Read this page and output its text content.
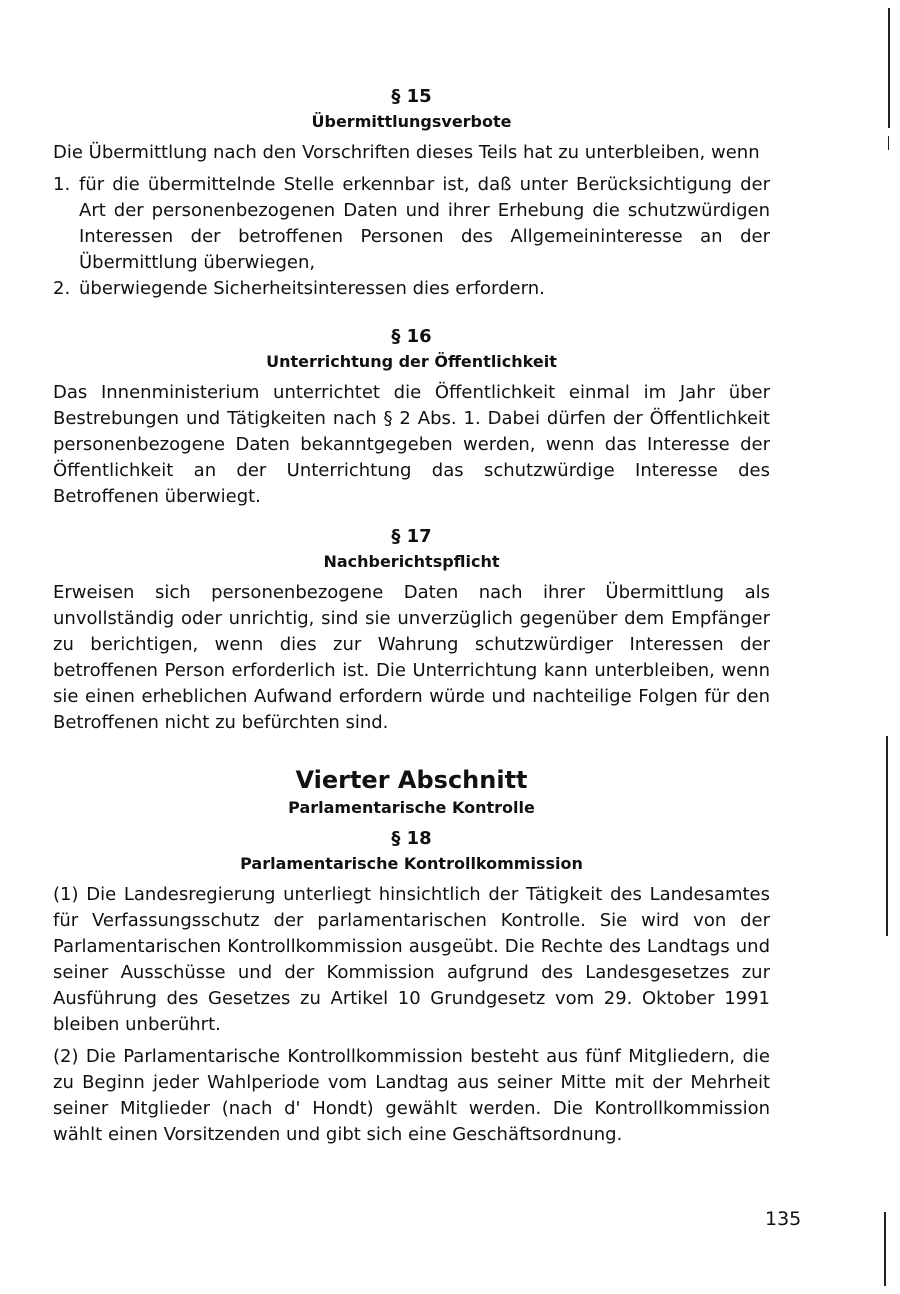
§ 15
Übermittlungsverbote

Die Übermittlung nach den Vorschriften dieses Teils hat zu unterbleiben, wenn

1. für die übermittelnde Stelle erkennbar ist, daß unter Berücksichtigung der Art der personenbezogenen Daten und ihrer Erhebung die schutzwürdigen Interessen der betroffenen Personen des Allgemeininteresse an der Übermittlung überwiegen,
2. überwiegende Sicherheitsinteressen dies erfordern.
§ 16
Unterrichtung der Öffentlichkeit

Das Innenministerium unterrichtet die Öffentlichkeit einmal im Jahr über Bestrebungen und Tätigkeiten nach § 2 Abs. 1. Dabei dürfen der Öffentlichkeit personenbezogene Daten bekanntgegeben werden, wenn das Interesse der Öffentlichkeit an der Unterrichtung das schutzwürdige Interesse des Betroffenen überwiegt.

§ 17
Nachberichtspflicht

Erweisen sich personenbezogene Daten nach ihrer Übermittlung als unvollständig oder unrichtig, sind sie unverzüglich gegenüber dem Empfänger zu berichtigen, wenn dies zur Wahrung schutzwürdiger Interessen der betroffenen Person erforderlich ist. Die Unterrichtung kann unterbleiben, wenn sie einen erheblichen Aufwand erfordern würde und nachteilige Folgen für den Betroffenen nicht zu befürchten sind.

Vierter Abschnitt
Parlamentarische Kontrolle
§ 18
Parlamentarische Kontrollkommission

(1) Die Landesregierung unterliegt hinsichtlich der Tätigkeit des Landesamtes für Verfassungsschutz der parlamentarischen Kontrolle. Sie wird von der Parlamentarischen Kontrollkommission ausgeübt. Die Rechte des Landtags und seiner Ausschüsse und der Kommission aufgrund des Landesgesetzes zur Ausführung des Gesetzes zu Artikel 10 Grundgesetz vom 29. Oktober 1991 bleiben unberührt.

(2) Die Parlamentarische Kontrollkommission besteht aus fünf Mitgliedern, die zu Beginn jeder Wahlperiode vom Landtag aus seiner Mitte mit der Mehrheit seiner Mitglieder (nach d' Hondt) gewählt werden. Die Kontrollkommission wählt einen Vorsitzenden und gibt sich eine Geschäftsordnung.

135
